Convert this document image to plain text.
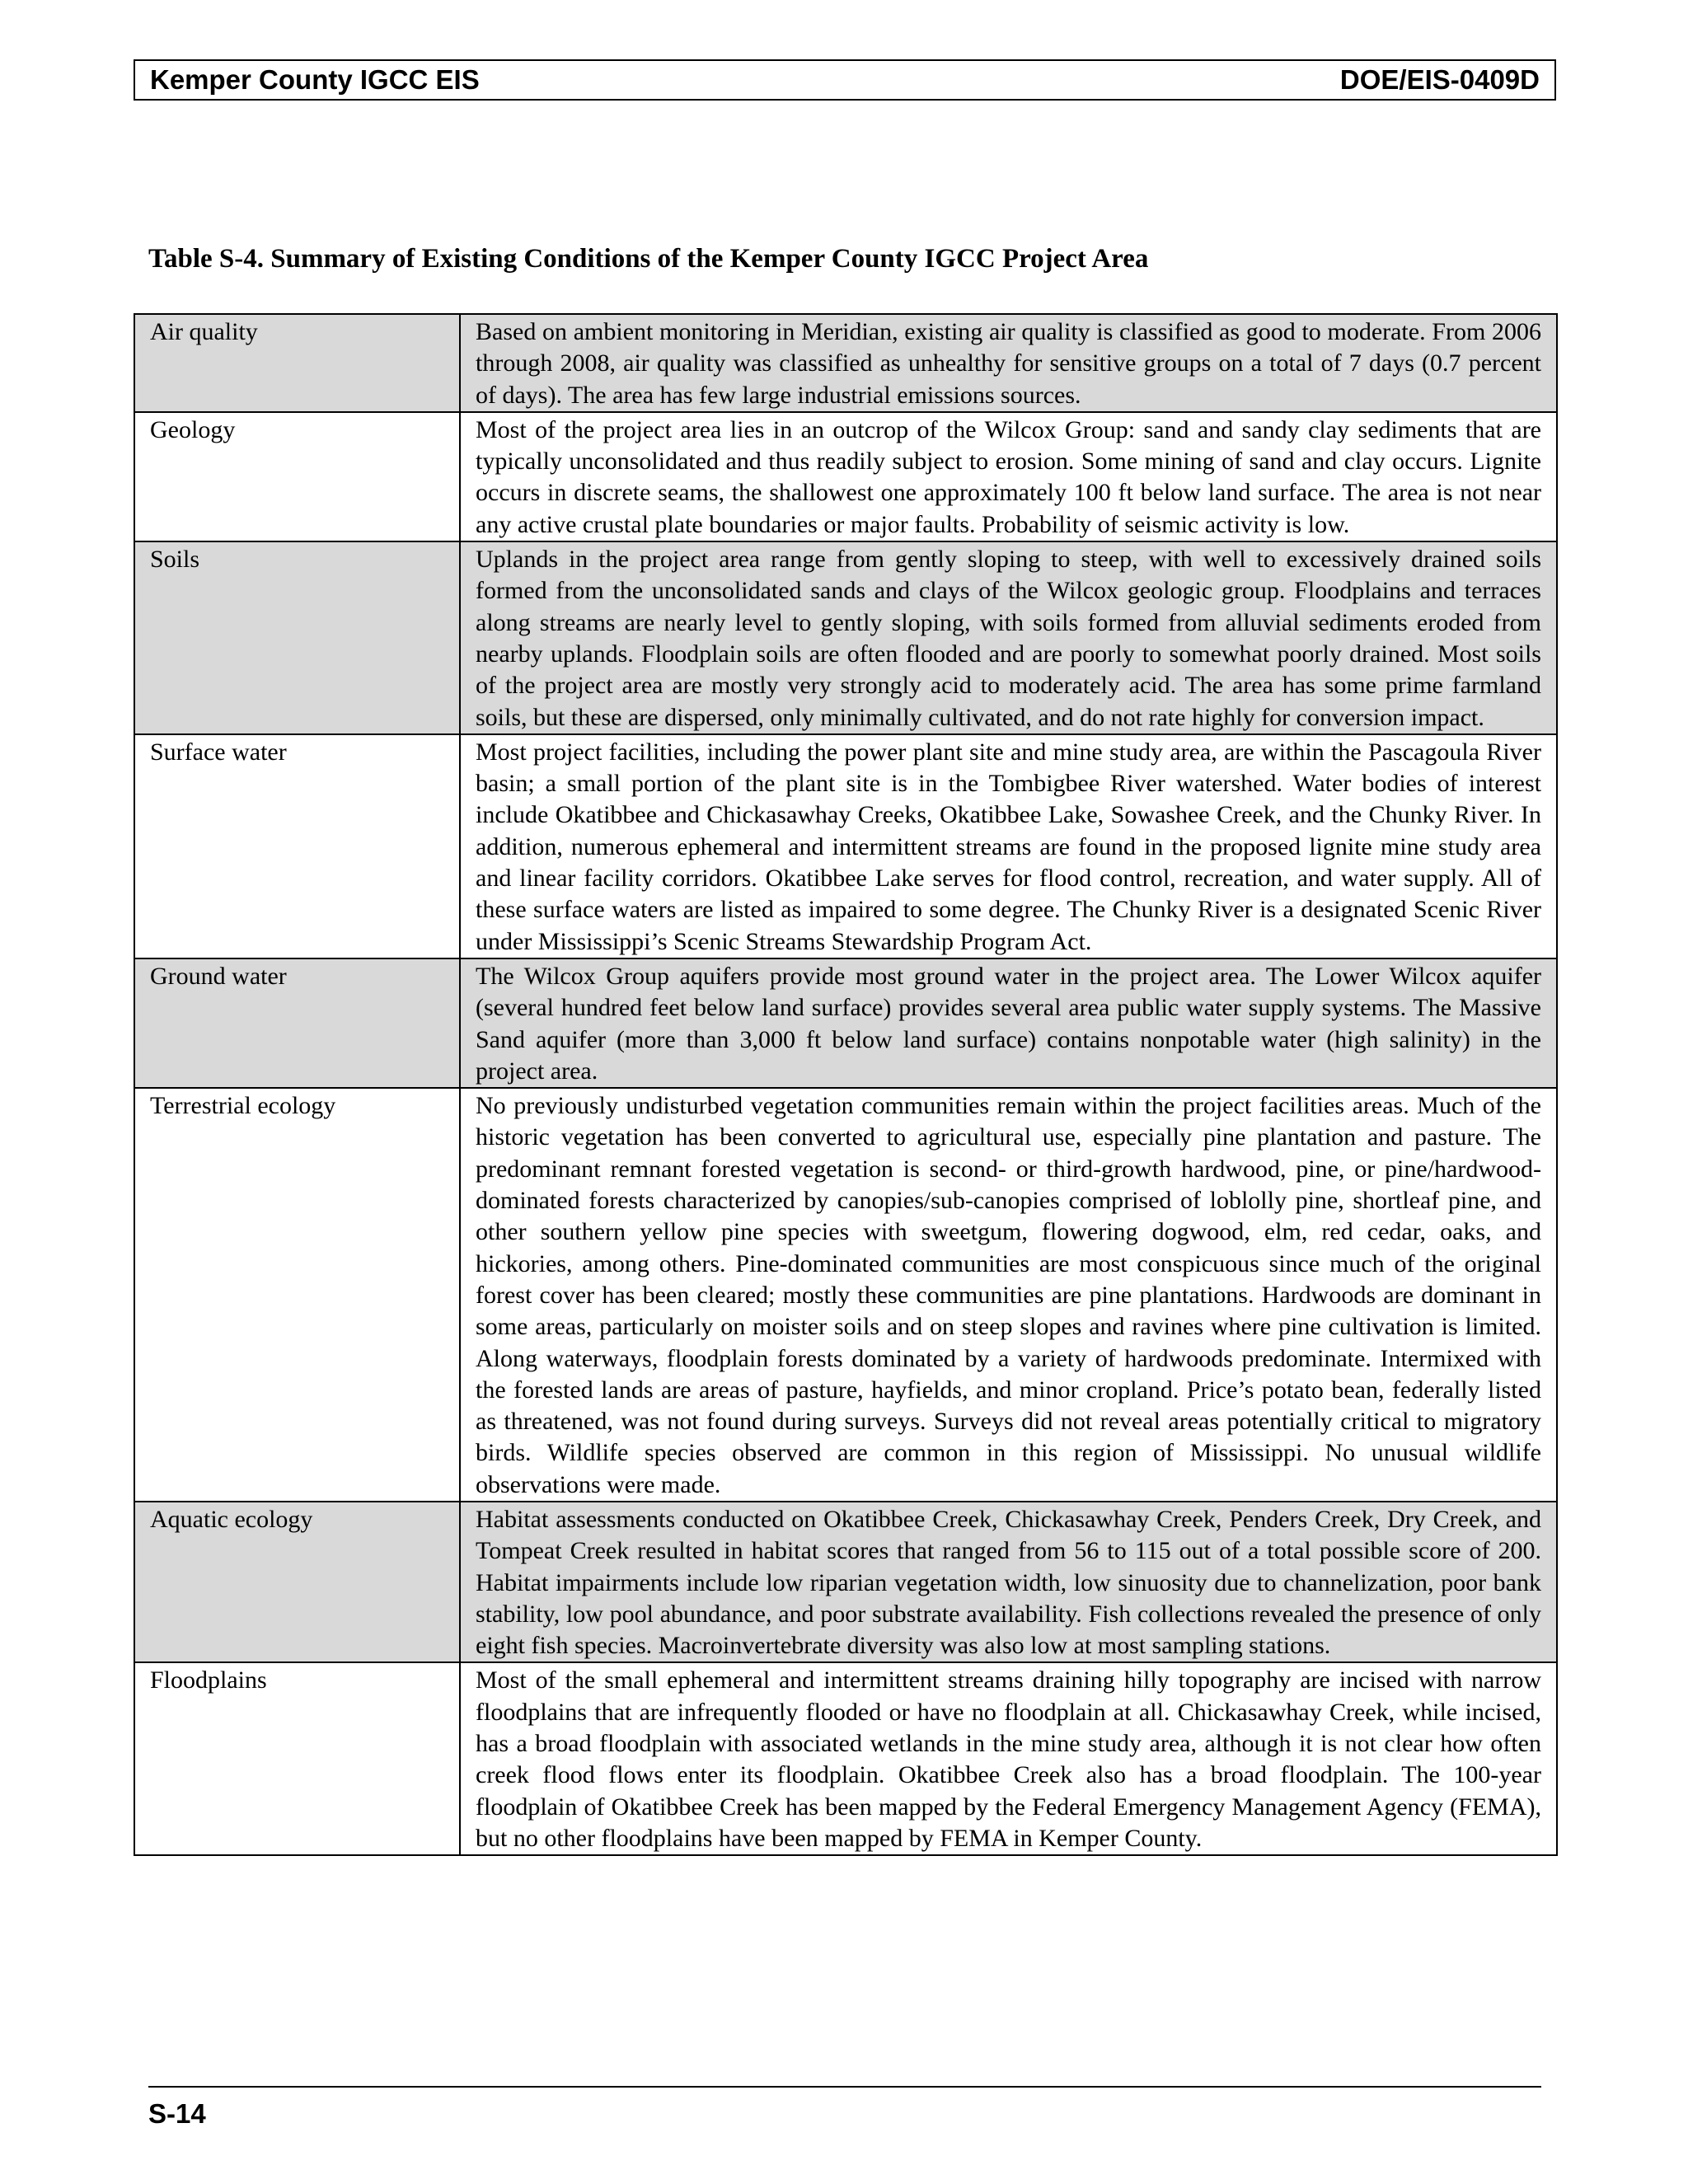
Kemper County IGCC EIS	DOE/EIS-0409D
Table S-4. Summary of Existing Conditions of the Kemper County IGCC Project Area
Air quality	Based on ambient monitoring in Meridian, existing air quality is classified as good to moderate. From 2006 through 2008, air quality was classified as unhealthy for sensitive groups on a total of 7 days (0.7 percent of days). The area has few large industrial emissions sources.
Geology	Most of the project area lies in an outcrop of the Wilcox Group: sand and sandy clay sediments that are typically unconsolidated and thus readily subject to erosion. Some mining of sand and clay occurs. Lignite occurs in discrete seams, the shallowest one approximately 100 ft below land surface. The area is not near any active crustal plate boundaries or major faults. Probability of seismic activity is low.
Soils	Uplands in the project area range from gently sloping to steep, with well to excessively drained soils formed from the unconsolidated sands and clays of the Wilcox geologic group. Floodplains and terraces along streams are nearly level to gently sloping, with soils formed from alluvial sediments eroded from nearby uplands. Floodplain soils are often flooded and are poorly to somewhat poorly drained. Most soils of the project area are mostly very strongly acid to moderately acid. The area has some prime farmland soils, but these are dispersed, only minimally cultivated, and do not rate highly for conversion impact.
Surface water	Most project facilities, including the power plant site and mine study area, are within the Pascagoula River basin; a small portion of the plant site is in the Tombigbee River watershed. Water bodies of interest include Okatibbee and Chickasawhay Creeks, Okatibbee Lake, Sowashee Creek, and the Chunky River. In addition, numerous ephemeral and intermittent streams are found in the proposed lignite mine study area and linear facility corridors. Okatibbee Lake serves for flood control, recreation, and water supply. All of these surface waters are listed as impaired to some degree. The Chunky River is a designated Scenic River under Mississippi’s Scenic Streams Stewardship Program Act.
Ground water	The Wilcox Group aquifers provide most ground water in the project area. The Lower Wilcox aquifer (several hundred feet below land surface) provides several area public water supply systems. The Massive Sand aquifer (more than 3,000 ft below land surface) contains nonpotable water (high salinity) in the project area.
Terrestrial ecology	No previously undisturbed vegetation communities remain within the project facilities areas. Much of the historic vegetation has been converted to agricultural use, especially pine plantation and pasture. The predominant remnant forested vegetation is second- or third-growth hardwood, pine, or pine/hardwood-dominated forests characterized by canopies/sub-canopies comprised of loblolly pine, shortleaf pine, and other southern yellow pine species with sweetgum, flowering dogwood, elm, red cedar, oaks, and hickories, among others. Pine-dominated communities are most conspicuous since much of the original forest cover has been cleared; mostly these communities are pine plantations. Hardwoods are dominant in some areas, particularly on moister soils and on steep slopes and ravines where pine cultivation is limited. Along waterways, floodplain forests dominated by a variety of hardwoods predominate. Intermixed with the forested lands are areas of pasture, hayfields, and minor cropland. Price’s potato bean, federally listed as threatened, was not found during surveys. Surveys did not reveal areas potentially critical to migratory birds. Wildlife species observed are common in this region of Mississippi. No unusual wildlife observations were made.
Aquatic ecology	Habitat assessments conducted on Okatibbee Creek, Chickasawhay Creek, Penders Creek, Dry Creek, and Tompeat Creek resulted in habitat scores that ranged from 56 to 115 out of a total possible score of 200. Habitat impairments include low riparian vegetation width, low sinuosity due to channelization, poor bank stability, low pool abundance, and poor substrate availability. Fish collections revealed the presence of only eight fish species. Macroinvertebrate diversity was also low at most sampling stations.
Floodplains	Most of the small ephemeral and intermittent streams draining hilly topography are incised with narrow floodplains that are infrequently flooded or have no floodplain at all. Chickasawhay Creek, while incised, has a broad floodplain with associated wetlands in the mine study area, although it is not clear how often creek flood flows enter its floodplain. Okatibbee Creek also has a broad floodplain. The 100-year floodplain of Okatibbee Creek has been mapped by the Federal Emergency Management Agency (FEMA), but no other floodplains have been mapped by FEMA in Kemper County.
S-14
